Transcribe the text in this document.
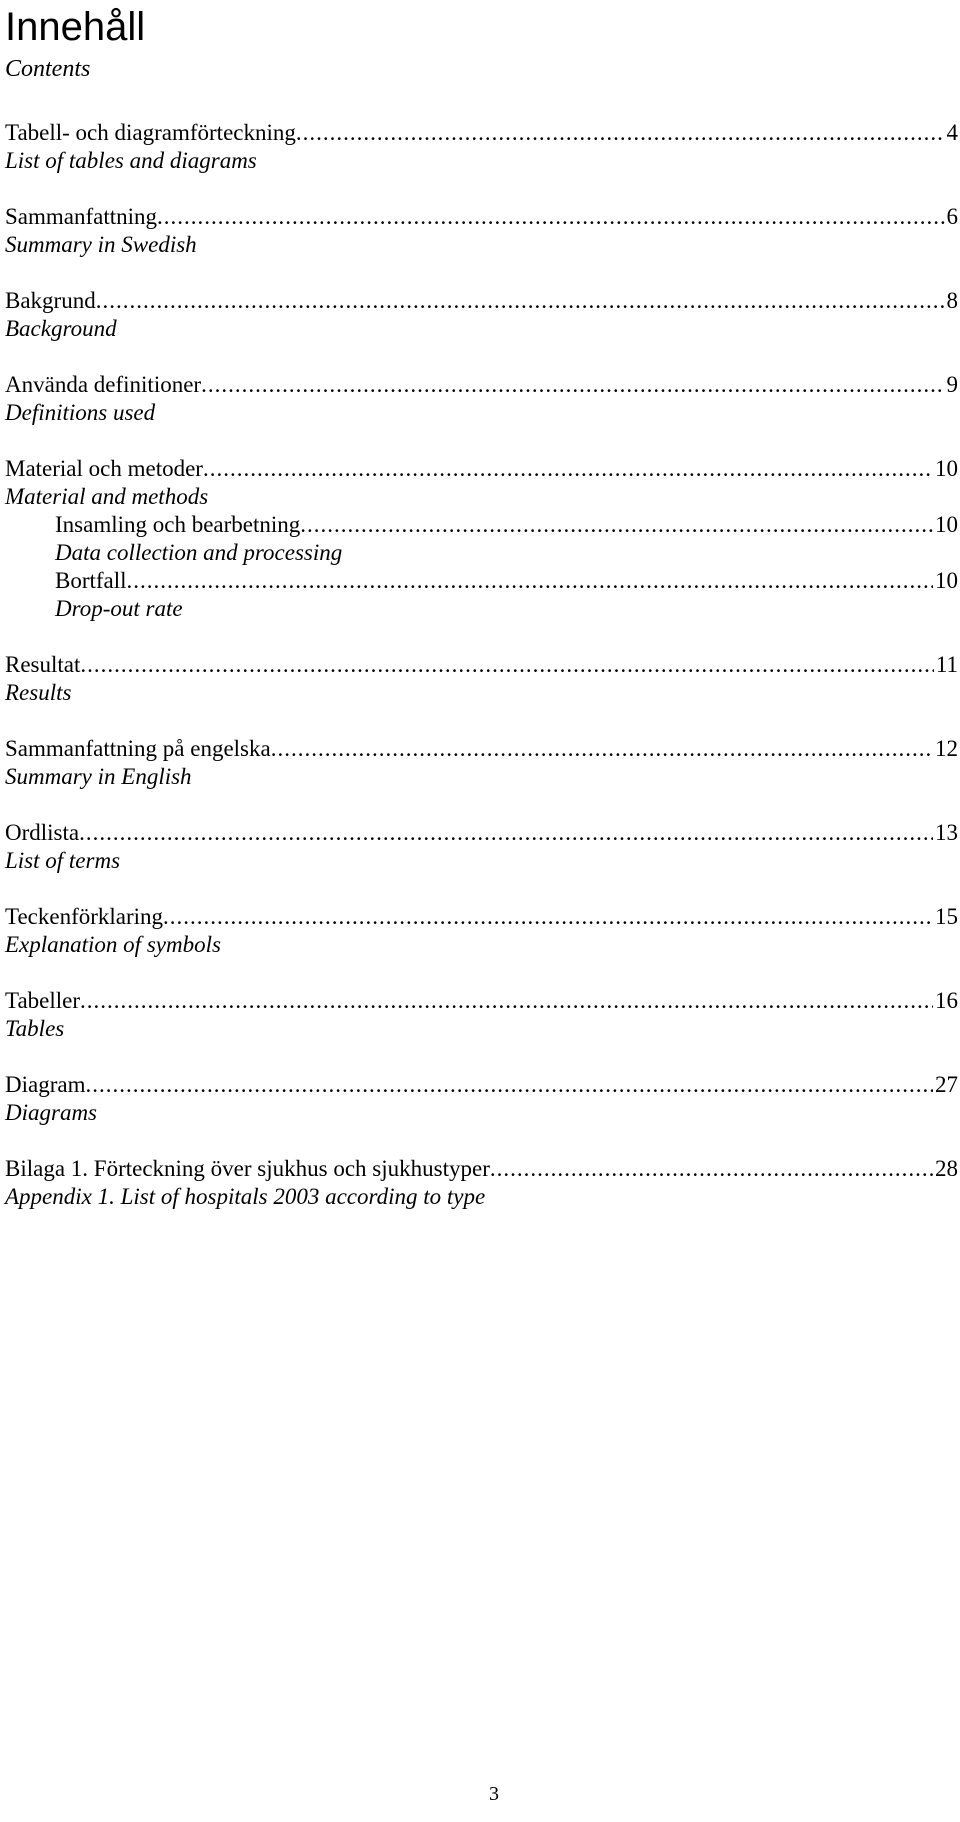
Innehåll
Contents
Tabell- och diagramförteckning .....	4
List of tables and diagrams
Sammanfattning .....	6
Summary in Swedish
Bakgrund .....	8
Background
Använda definitioner .....	9
Definitions used
Material och metoder .....	10
Material and methods
Insamling och bearbetning .....	10
Data collection and processing
Bortfall .....	10
Drop-out rate
Resultat .....	11
Results
Sammanfattning på engelska .....	12
Summary in English
Ordlista .....	13
List of terms
Teckenförklaring .....	15
Explanation of symbols
Tabeller .....	16
Tables
Diagram .....	27
Diagrams
Bilaga 1. Förteckning över sjukhus och sjukhustyper .....	28
Appendix 1. List of hospitals 2003 according to type
3
